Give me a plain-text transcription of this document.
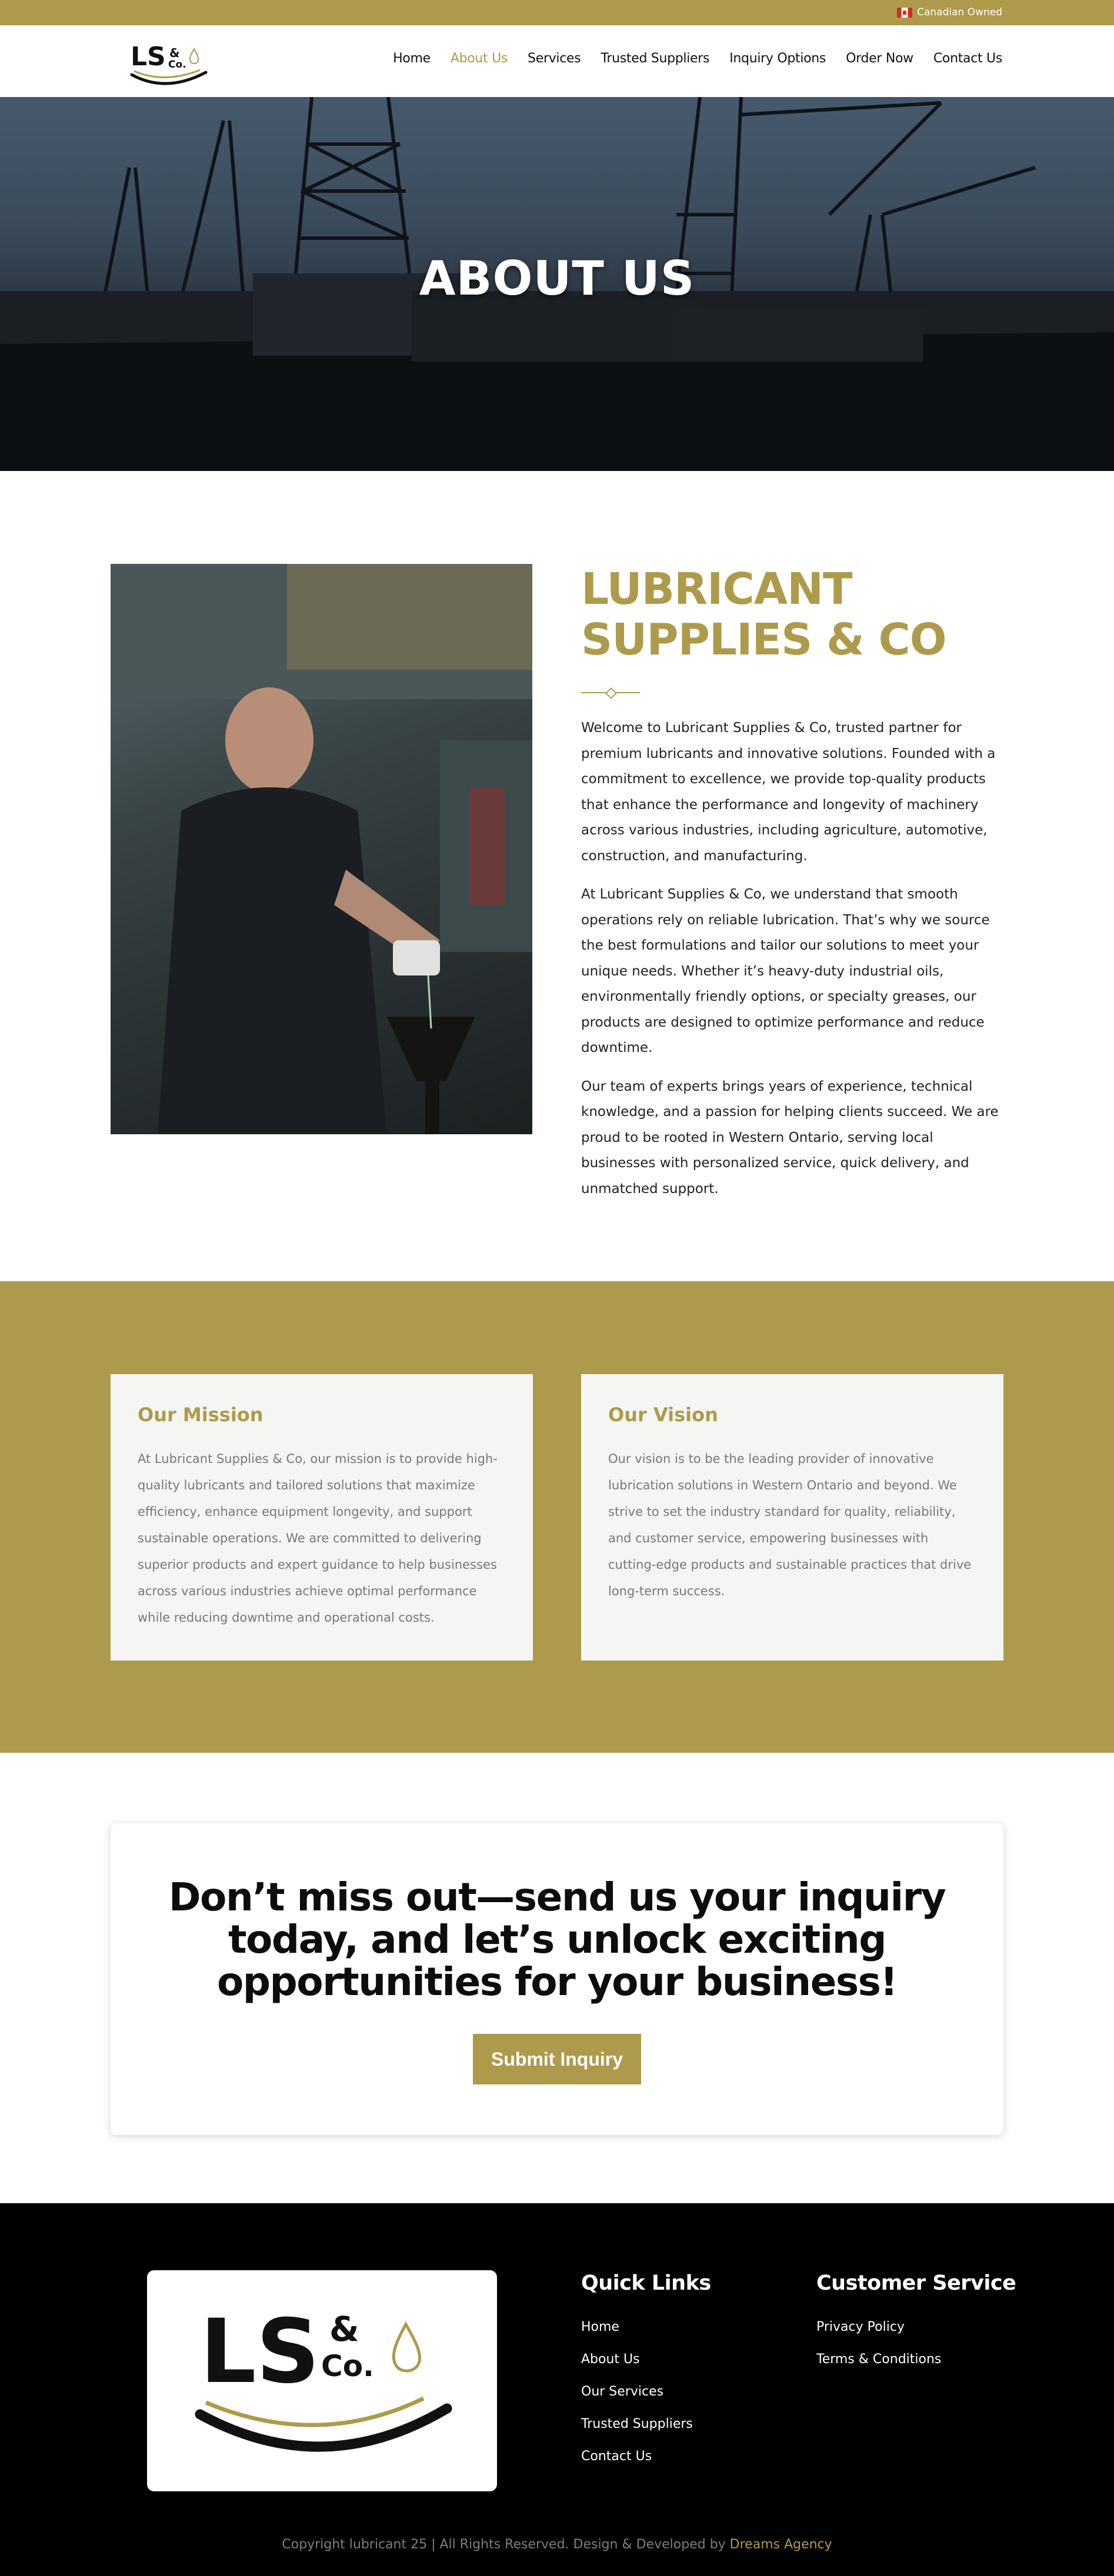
Canadian Owned
LS &
Co.	Home About Us Services Trusted Suppliers Inquiry Options Order Now Contact Us
ABOUT US
LUBRICANT SUPPLIES & CO

Welcome to Lubricant Supplies & Co, trusted partner for premium lubricants and innovative solutions. Founded with a commitment to excellence, we provide top-quality products that enhance the performance and longevity of machinery across various industries, including agriculture, automotive, construction, and manufacturing.

At Lubricant Supplies & Co, we understand that smooth operations rely on reliable lubrication. That’s why we source the best formulations and tailor our solutions to meet your unique needs. Whether it’s heavy-duty industrial oils, environmentally friendly options, or specialty greases, our products are designed to optimize performance and reduce downtime.

Our team of experts brings years of experience, technical knowledge, and a passion for helping clients succeed. We are proud to be rooted in Western Ontario, serving local businesses with personalized service, quick delivery, and unmatched support.

Our Mission

At Lubricant Supplies & Co, our mission is to provide high-quality lubricants and tailored solutions that maximize efficiency, enhance equipment longevity, and support sustainable operations. We are committed to delivering superior products and expert guidance to help businesses across various industries achieve optimal performance while reducing downtime and operational costs.

Our Vision

Our vision is to be the leading provider of innovative lubrication solutions in Western Ontario and beyond. We strive to set the industry standard for quality, reliability, and customer service, empowering businesses with cutting-edge products and sustainable practices that drive long-term success.

Don’t miss out—send us your inquiry today, and let’s unlock exciting opportunities for your business!
Submit Inquiry
LS &
Co.
Quick Links
Home
About Us
Our Services
Trusted Suppliers
Contact Us
Customer Service
Privacy Policy
Terms & Conditions
Copyright lubricant 25 | All Rights Reserved. Design & Developed by Dreams Agency
